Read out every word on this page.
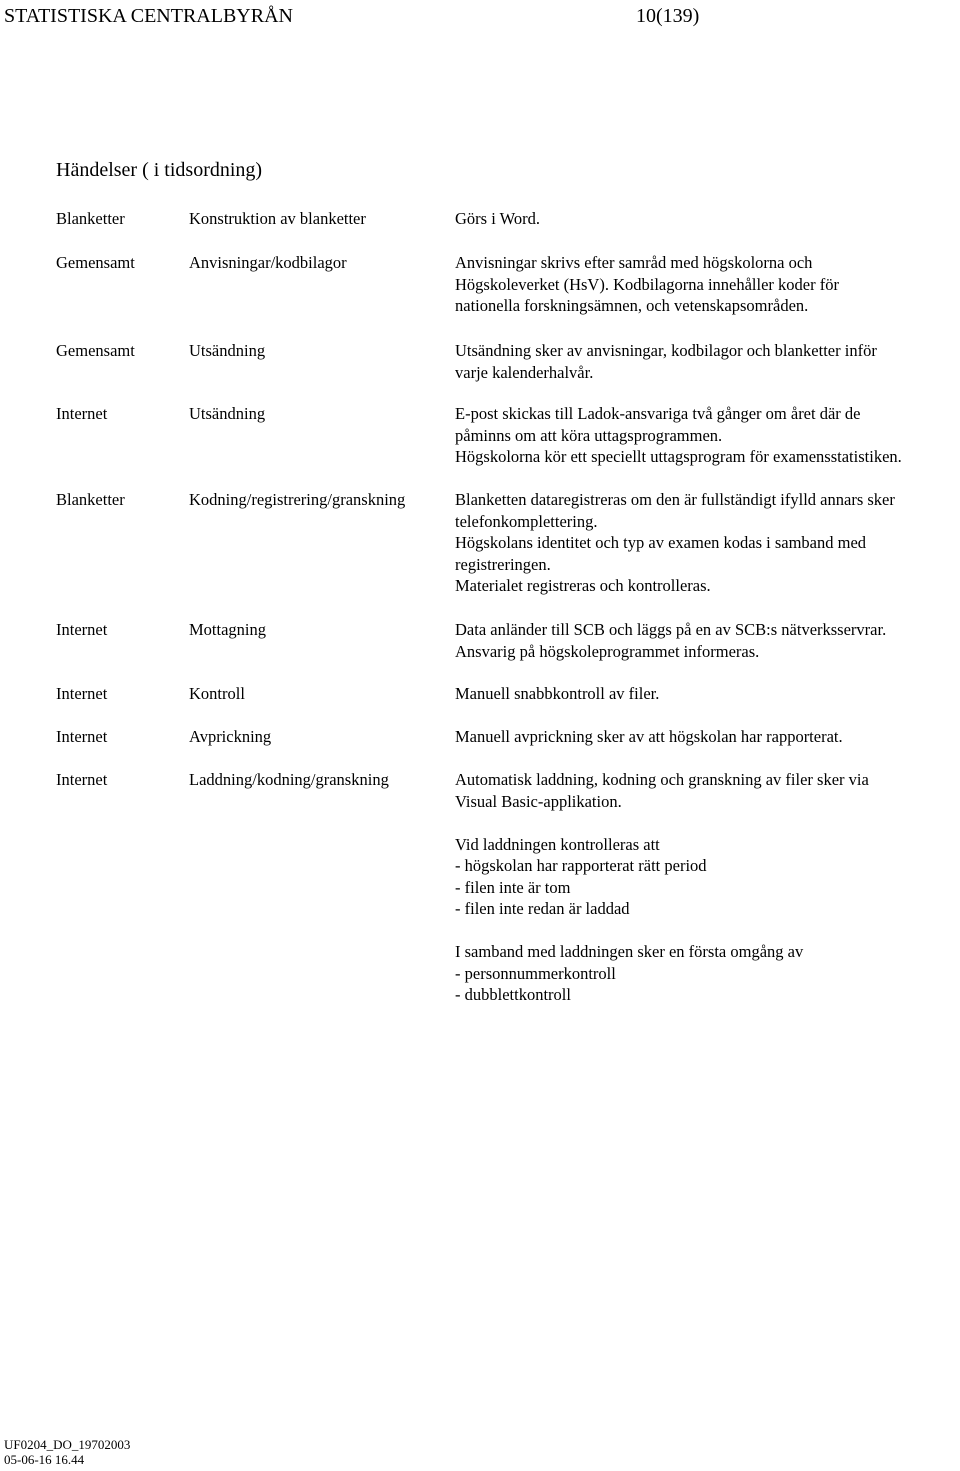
STATISTISKA CENTRALBYRÅN	10(139)
Händelser ( i tidsordning)
Blanketter	Konstruktion av blanketter	Görs i Word.
Gemensamt	Anvisningar/kodbilagor	Anvisningar skrivs efter samråd med högskolorna och
Högskoleverket (HsV). Kodbilagorna innehåller koder för
nationella forskningsämnen, och vetenskapsområden.
Gemensamt	Utsändning	Utsändning sker av anvisningar, kodbilagor och blanketter inför
varje kalenderhalvår.
Internet	Utsändning	E-post skickas till Ladok-ansvariga två gånger om året där de
påminns om att köra uttagsprogrammen.
Högskolorna kör ett speciellt uttagsprogram för examensstatistiken.
Blanketter	Kodning/registrering/granskning	Blanketten dataregistreras om den är fullständigt ifylld annars sker
telefonkomplettering.
Högskolans identitet och typ av examen kodas i samband med
registreringen.
Materialet registreras och kontrolleras.
Internet	Mottagning	Data anländer till SCB och läggs på en av SCB:s nätverksservrar.
Ansvarig på högskoleprogrammet informeras.
Internet	Kontroll	Manuell snabbkontroll av filer.
Internet	Avprickning	Manuell avprickning sker av att högskolan har rapporterat.
Internet	Laddning/kodning/granskning	Automatisk laddning, kodning och granskning av filer sker via
Visual Basic-applikation.
Vid laddningen kontrolleras att
- högskolan har rapporterat rätt period
- filen inte är tom
- filen inte redan är laddad
I samband med laddningen sker en första omgång av
- personnummerkontroll
- dubblettkontroll
UF0204_DO_19702003
05-06-16 16.44
